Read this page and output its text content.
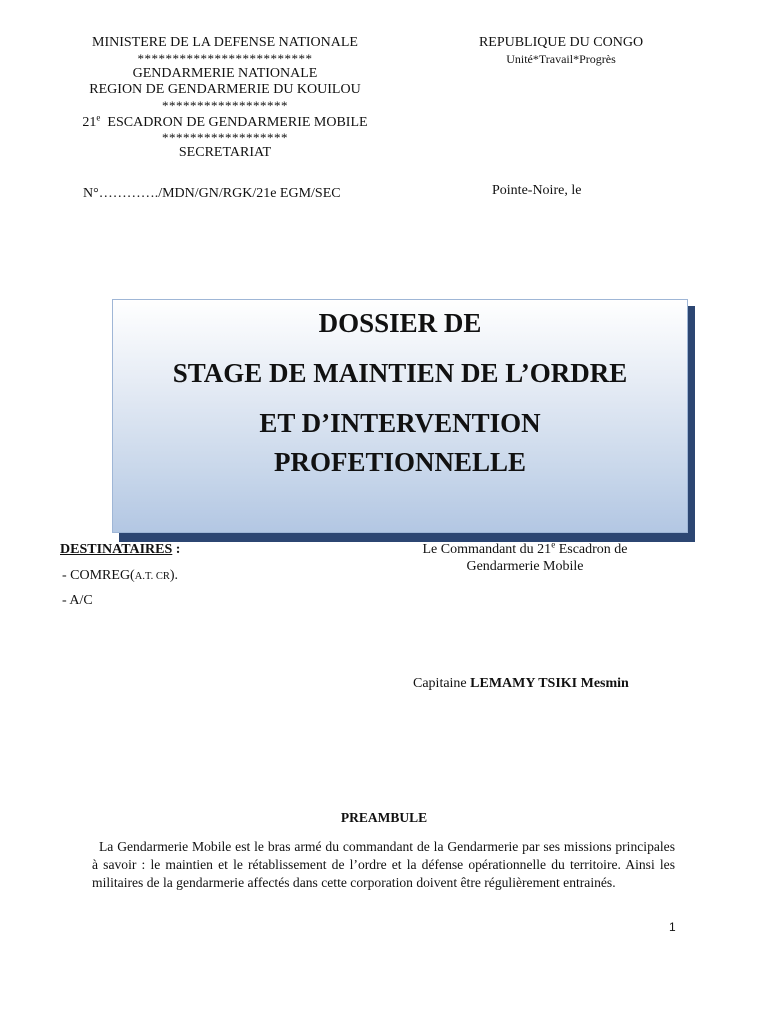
MINISTERE DE LA DEFENSE NATIONALE
*************************
GENDARMERIE NATIONALE
REGION DE GENDARMERIE DU KOUILOU
******************
21e  ESCADRON DE GENDARMERIE MOBILE
******************
SECRETARIAT
N°…………./MDN/GN/RGK/21e EGM/SEC
REPUBLIQUE DU CONGO
Unité*Travail*Progrès
Pointe-Noire, le
DOSSIER DE
STAGE DE MAINTIEN DE L’ORDRE
ET D’INTERVENTION
PROFETIONNELLE
DESTINATAIRES :
- COMREG(A.T. CR).
- A/C
Le Commandant du 21e Escadron de
Gendarmerie Mobile
Capitaine LEMAMY TSIKI Mesmin
PREAMBULE
La Gendarmerie Mobile est le bras armé du commandant de la Gendarmerie par ses missions principales à savoir : le maintien et le rétablissement de l’ordre et la défense opérationnelle du territoire. Ainsi les militaires de la gendarmerie affectés dans cette corporation doivent être régulièrement entrainés.
1
